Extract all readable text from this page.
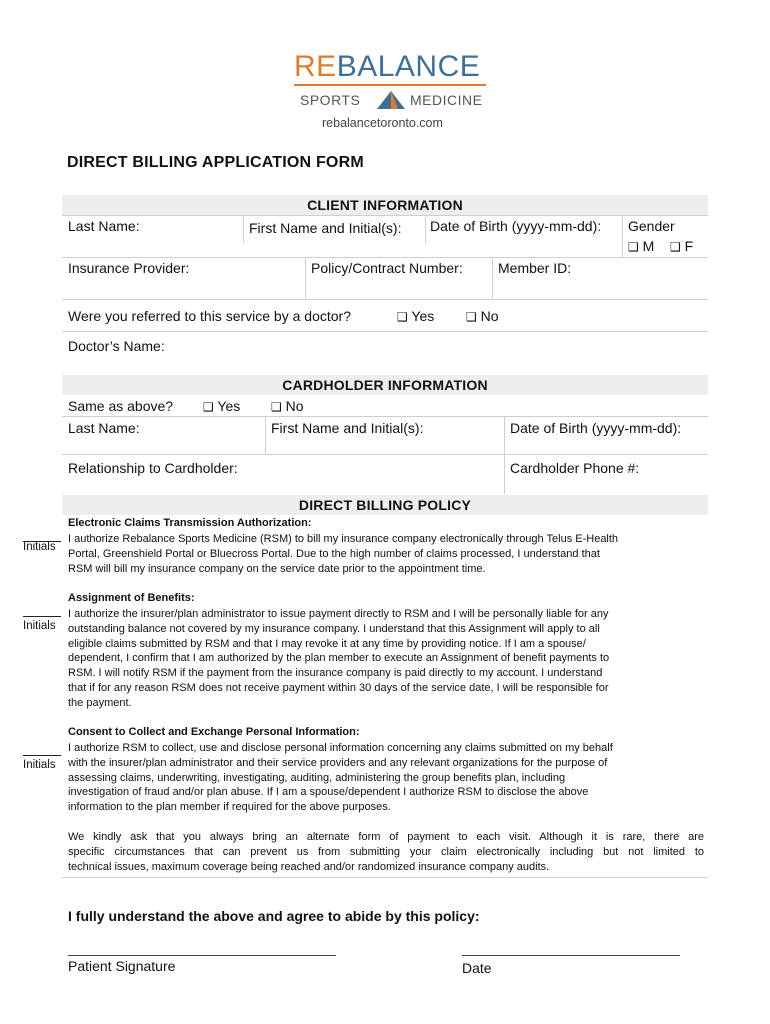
REBALANCE
SPORTS	MEDICINE
rebalancetoronto.com
DIRECT BILLING APPLICATION FORM
CLIENT INFORMATION
Last Name:	First Name and Initial(s): Date of Birth (yyyy-mm-dd): Gender
❑ M ❑ F
Insurance Provider:	Policy/Contract Number:	Member ID:
Were you referred to this service by a doctor?	❑ Yes	❑ No
Doctor’s Name:
CARDHOLDER INFORMATION
Same as above? ❑ Yes	❑ No
Last Name:	First Name and Initial(s):	Date of Birth (yyyy-mm-dd):
Relationship to Cardholder:	Cardholder Phone #:
DIRECT BILLING POLICY
Electronic Claims Transmission Authorization:
Initials
I authorize Rebalance Sports Medicine (RSM) to bill my insurance company electronically through Telus E-Health
Portal, Greenshield Portal or Bluecross Portal. Due to the high number of claims processed, I understand that
RSM will bill my insurance company on the service date prior to the appointment time.
Assignment of Benefits:
Initials
I authorize the insurer/plan administrator to issue payment directly to RSM and I will be personally liable for any
outstanding balance not covered by my insurance company. I understand that this Assignment will apply to all
eligible claims submitted by RSM and that I may revoke it at any time by providing notice. If I am a spouse/
dependent, I confirm that I am authorized by the plan member to execute an Assignment of benefit payments to
RSM. I will notify RSM if the payment from the insurance company is paid directly to my account. I understand
that if for any reason RSM does not receive payment within 30 days of the service date, I will be responsible for
the payment.
Consent to Collect and Exchange Personal Information:
Initials
I authorize RSM to collect, use and disclose personal information concerning any claims submitted on my behalf
with the insurer/plan administrator and their service providers and any relevant organizations for the purpose of
assessing claims, underwriting, investigating, auditing, administering the group benefits plan, including
investigation of fraud and/or plan abuse. If I am a spouse/dependent I authorize RSM to disclose the above
information to the plan member if required for the above purposes.
We kindly ask that you always bring an alternate form of payment to each visit. Although it is rare, there are
specific circumstances that can prevent us from submitting your claim electronically including but not limited to
technical issues, maximum coverage being reached and/or randomized insurance company audits.
I fully understand the above and agree to abide by this policy:
Patient Signature	Date
